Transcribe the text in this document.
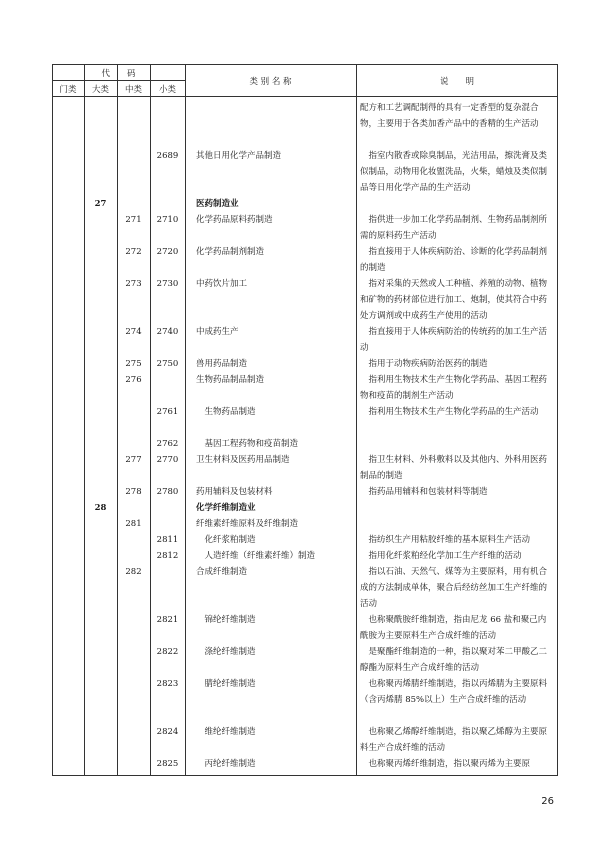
代　　码
门类	大类	中类	小类
类 别 名 称	说　　明
配方和工艺调配制得的具有一定香型的复杂混合物，主要用于各类加香产品中的香精的生产活动
2689	其他日用化学产品制造	　指室内散香或除臭制品，光洁用品，擦洗膏及类似制品，动物用化妆盥洗品，火柴，蜡烛及类似制品等日用化学产品的生产活动
27	医药制造业
271	2710	化学药品原料药制造	　指供进一步加工化学药品制剂、生物药品制剂所需的原料药生产活动
272	2720	化学药品制剂制造	　指直接用于人体疾病防治、诊断的化学药品制剂的制造
273	2730	中药饮片加工	　指对采集的天然或人工种植、养殖的动物、植物和矿物的药材部位进行加工、炮制，使其符合中药处方调剂或中成药生产使用的活动
274	2740	中成药生产	　指直接用于人体疾病防治的传统药的加工生产活动
275	2750	兽用药品制造	　指用于动物疾病防治医药的制造
276	生物药品制品制造	　指利用生物技术生产生物化学药品、基因工程药物和疫苗的制剂生产活动
2761	　生物药品制造	　指利用生物技术生产生物化学药品的生产活动
2762	　基因工程药物和疫苗制造
277	2770	卫生材料及医药用品制造	　指卫生材料、外科敷料以及其他内、外科用医药制品的制造
278	2780	药用辅料及包装材料	　指药品用辅料和包装材料等制造
28	化学纤维制造业
281	纤维素纤维原料及纤维制造
2811	　化纤浆粕制造	　指纺织生产用粘胶纤维的基本原料生产活动
2812	　人造纤维（纤维素纤维）制造	　指用化纤浆粕经化学加工生产纤维的活动
282	合成纤维制造	　指以石油、天然气、煤等为主要原料，用有机合成的方法制成单体，聚合后经纺丝加工生产纤维的活动
2821	　锦纶纤维制造	　也称聚酰胺纤维制造，指由尼龙 66 盐和聚己内酰胺为主要原料生产合成纤维的活动
2822	　涤纶纤维制造	　是聚酯纤维制造的一种，指以聚对苯二甲酸乙二醇酯为原料生产合成纤维的活动
2823	　腈纶纤维制造	　也称聚丙烯腈纤维制造，指以丙烯腈为主要原料（含丙烯腈 85%以上）生产合成纤维的活动
2824	　维纶纤维制造	　也称聚乙烯醇纤维制造，指以聚乙烯醇为主要原料生产合成纤维的活动
2825	　丙纶纤维制造	　也称聚丙烯纤维制造，指以聚丙烯为主要原
26
